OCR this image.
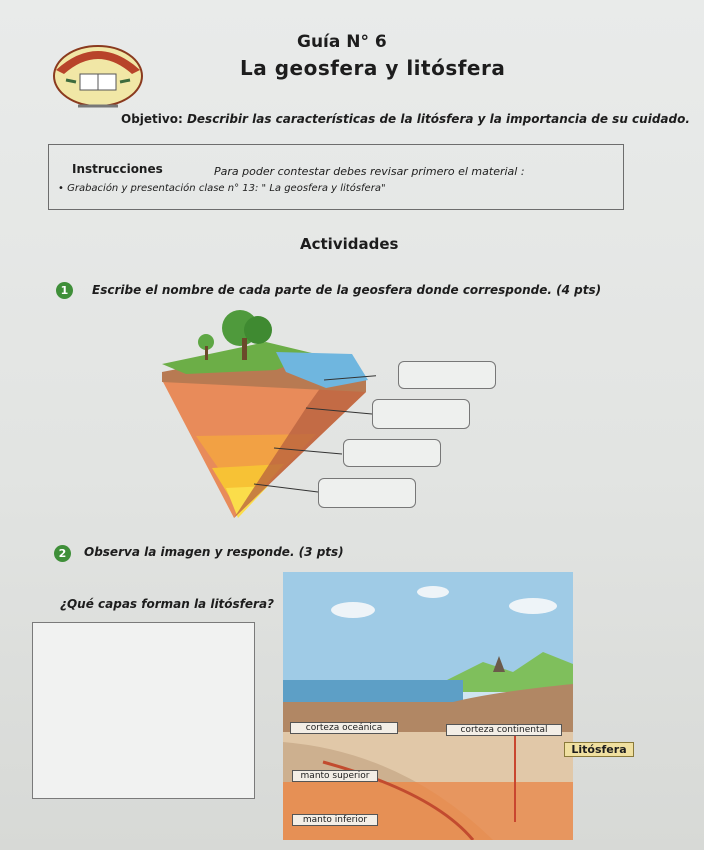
Guía N° 6
La geosfera y litósfera
Objetivo: Describir las características de la litósfera y la importancia de su cuidado.
Instrucciones	Para poder contestar debes revisar primero el material :
• Grabación y presentación clase n° 13: " La geosfera y litósfera"
Actividades
1	Escribe el nombre de cada parte de la geosfera donde corresponde. (4 pts)
2	Observa la imagen y responde. (3 pts)
¿Qué capas forman la litósfera?
corteza oceánica	corteza continental
Litósfera
manto superior
manto inferior
